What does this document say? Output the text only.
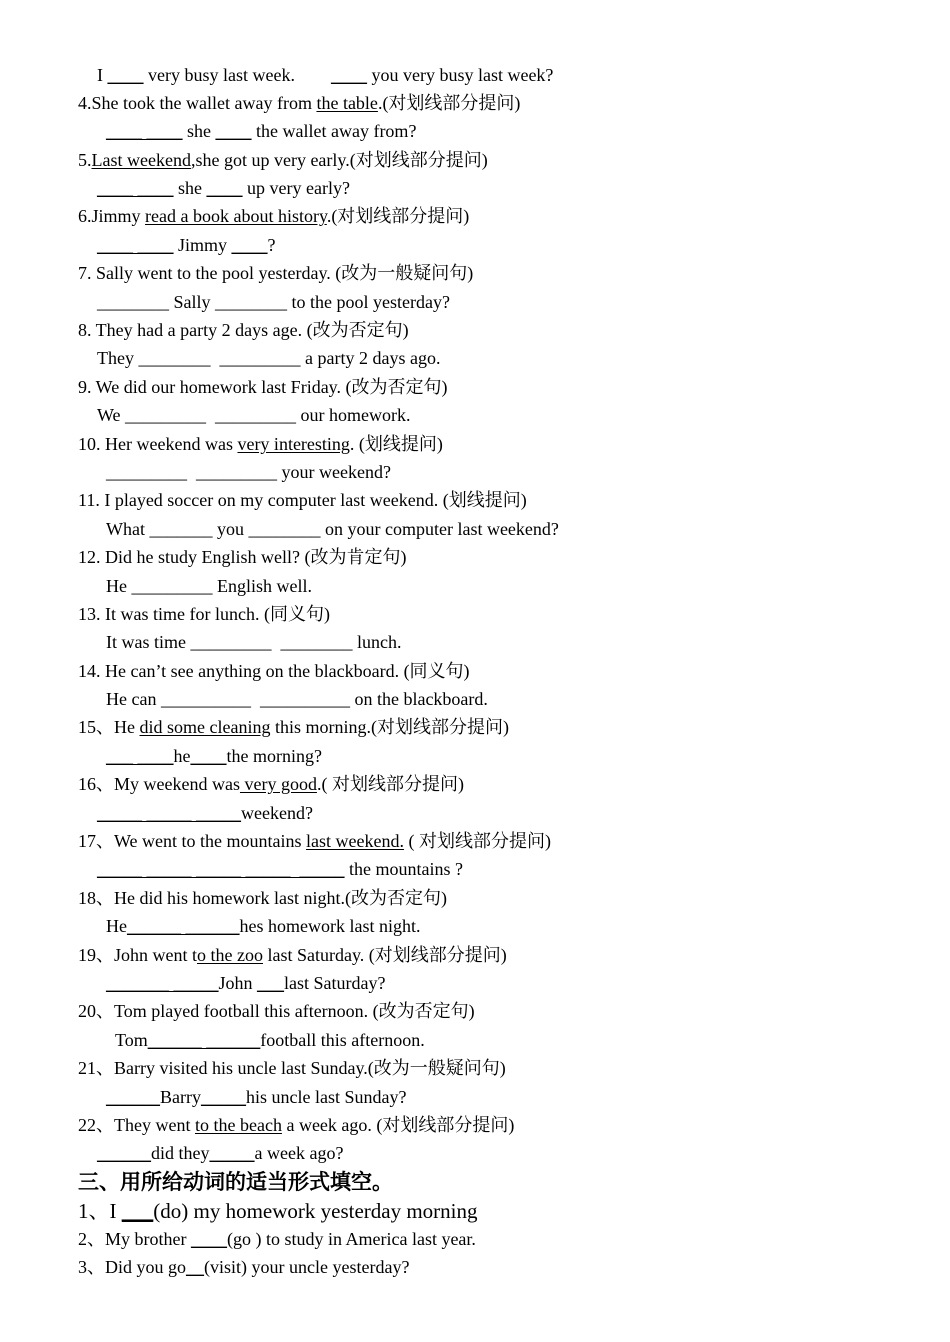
I ____ very busy last week.        ____ you very busy last week?
4.She took the wallet away from the table.(对划线部分提问)
____ ____ she ____ the wallet away from?
5.Last weekend,she got up very early.(对划线部分提问)
____ ____ she ____ up very early?
6.Jimmy read a book about history.(对划线部分提问)
____ ____ Jimmy ____?
7. Sally went to the pool yesterday. (改为一般疑问句)
________ Sally ________ to the pool yesterday?
8. They had a party 2 days age. (改为否定句)
They ________  _________ a party 2 days ago.
9. We did our homework last Friday. (改为否定句)
We _________  _________ our homework.
10. Her weekend was very interesting. (划线提问)
_________  _________ your weekend?
11. I played soccer on my computer last weekend. (划线提问)
What _______ you ________ on your computer last weekend?
12. Did he study English well? (改为肯定句)
He _________ English well.
13. It was time for lunch. (同义句)
It was time _________  ________ lunch.
14. He can’t see anything on the blackboard. (同义句)
He can __________  __________ on the blackboard.
15、He did some cleaning this morning.(对划线部分提问)
___ ____he____the morning?
16、My weekend was very good.( 对划线部分提问)
_____ _____ _____weekend?
17、We went to the mountains last weekend. ( 对划线部分提问)
_____ _____ _____ _____  _____ the mountains ?
18、He did his homework last night.(改为否定句)
He______ ______hes homework last night.
19、John went to the zoo last Saturday. (对划线部分提问)
_______ _____John ___last Saturday?
20、Tom played football this afternoon. (改为否定句)
Tom______ ______football this afternoon.
21、Barry visited his uncle last Sunday.(改为一般疑问句)
______Barry_____his uncle last Sunday?
22、They went to the beach a week ago. (对划线部分提问)
______did they_____a week ago?
三、用所给动词的适当形式填空。
1、I ___(do) my homework yesterday morning
2、My brother ____(go ) to study in America last year.
3、Did you go__(visit) your uncle yesterday?
